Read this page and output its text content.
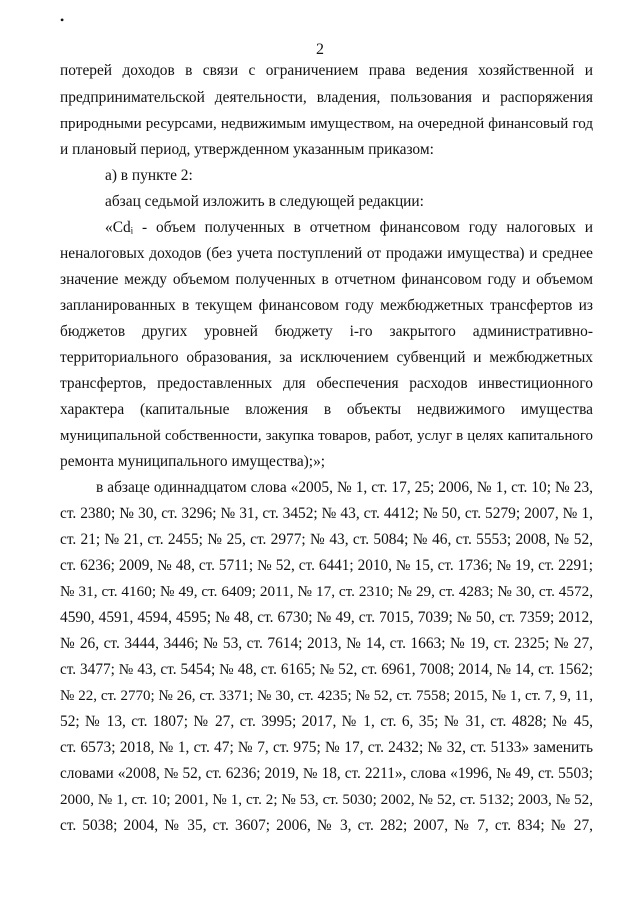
•
2
потерей доходов в связи с ограничением права ведения хозяйственной и
предпринимательской деятельности, владения, пользования и распоряжения
природными ресурсами, недвижимым имуществом, на очередной финансовый год
и плановый период, утвержденном указанным приказом:
а) в пункте 2:
абзац седьмой изложить в следующей редакции:
«Cdᵢ - объем полученных в отчетном финансовом году налоговых и
неналоговых доходов (без учета поступлений от продажи имущества) и среднее
значение между объемом полученных в отчетном финансовом году и объемом
запланированных в текущем финансовом году межбюджетных трансфертов из
бюджетов других уровней бюджету i-го закрытого административно-
территориального образования, за исключением субвенций и межбюджетных
трансфертов, предоставленных для обеспечения расходов инвестиционного
характера (капитальные вложения в объекты недвижимого имущества
муниципальной собственности, закупка товаров, работ, услуг в целях капитального
ремонта муниципального имущества);»;
в абзаце одиннадцатом слова «2005, № 1, ст. 17, 25; 2006, № 1, ст. 10; № 23,
ст. 2380; № 30, ст. 3296; № 31, ст. 3452; № 43, ст. 4412; № 50, ст. 5279; 2007, № 1,
ст. 21; № 21, ст. 2455; № 25, ст. 2977; № 43, ст. 5084; № 46, ст. 5553; 2008, № 52,
ст. 6236; 2009, № 48, ст. 5711; № 52, ст. 6441; 2010, № 15, ст. 1736; № 19, ст. 2291;
№ 31, ст. 4160; № 49, ст. 6409; 2011, № 17, ст. 2310; № 29, ст. 4283; № 30, ст. 4572,
4590, 4591, 4594, 4595; № 48, ст. 6730; № 49, ст. 7015, 7039; № 50, ст. 7359; 2012,
№ 26, ст. 3444, 3446; № 53, ст. 7614; 2013, № 14, ст. 1663; № 19, ст. 2325; № 27,
ст. 3477; № 43, ст. 5454; № 48, ст. 6165; № 52, ст. 6961, 7008; 2014, № 14, ст. 1562;
№ 22, ст. 2770; № 26, ст. 3371; № 30, ст. 4235; № 52, ст. 7558; 2015, № 1, ст. 7, 9, 11,
52; № 13, ст. 1807; № 27, ст. 3995; 2017, № 1, ст. 6, 35; № 31, ст. 4828; № 45,
ст. 6573; 2018, № 1, ст. 47; № 7, ст. 975; № 17, ст. 2432; № 32, ст. 5133» заменить
словами «2008, № 52, ст. 6236; 2019, № 18, ст. 2211», слова «1996, № 49, ст. 5503;
2000, № 1, ст. 10; 2001, № 1, ст. 2; № 53, ст. 5030; 2002, № 52, ст. 5132; 2003, № 52,
ст. 5038; 2004, № 35, ст. 3607; 2006, № 3, ст. 282; 2007, № 7, ст. 834; № 27,
